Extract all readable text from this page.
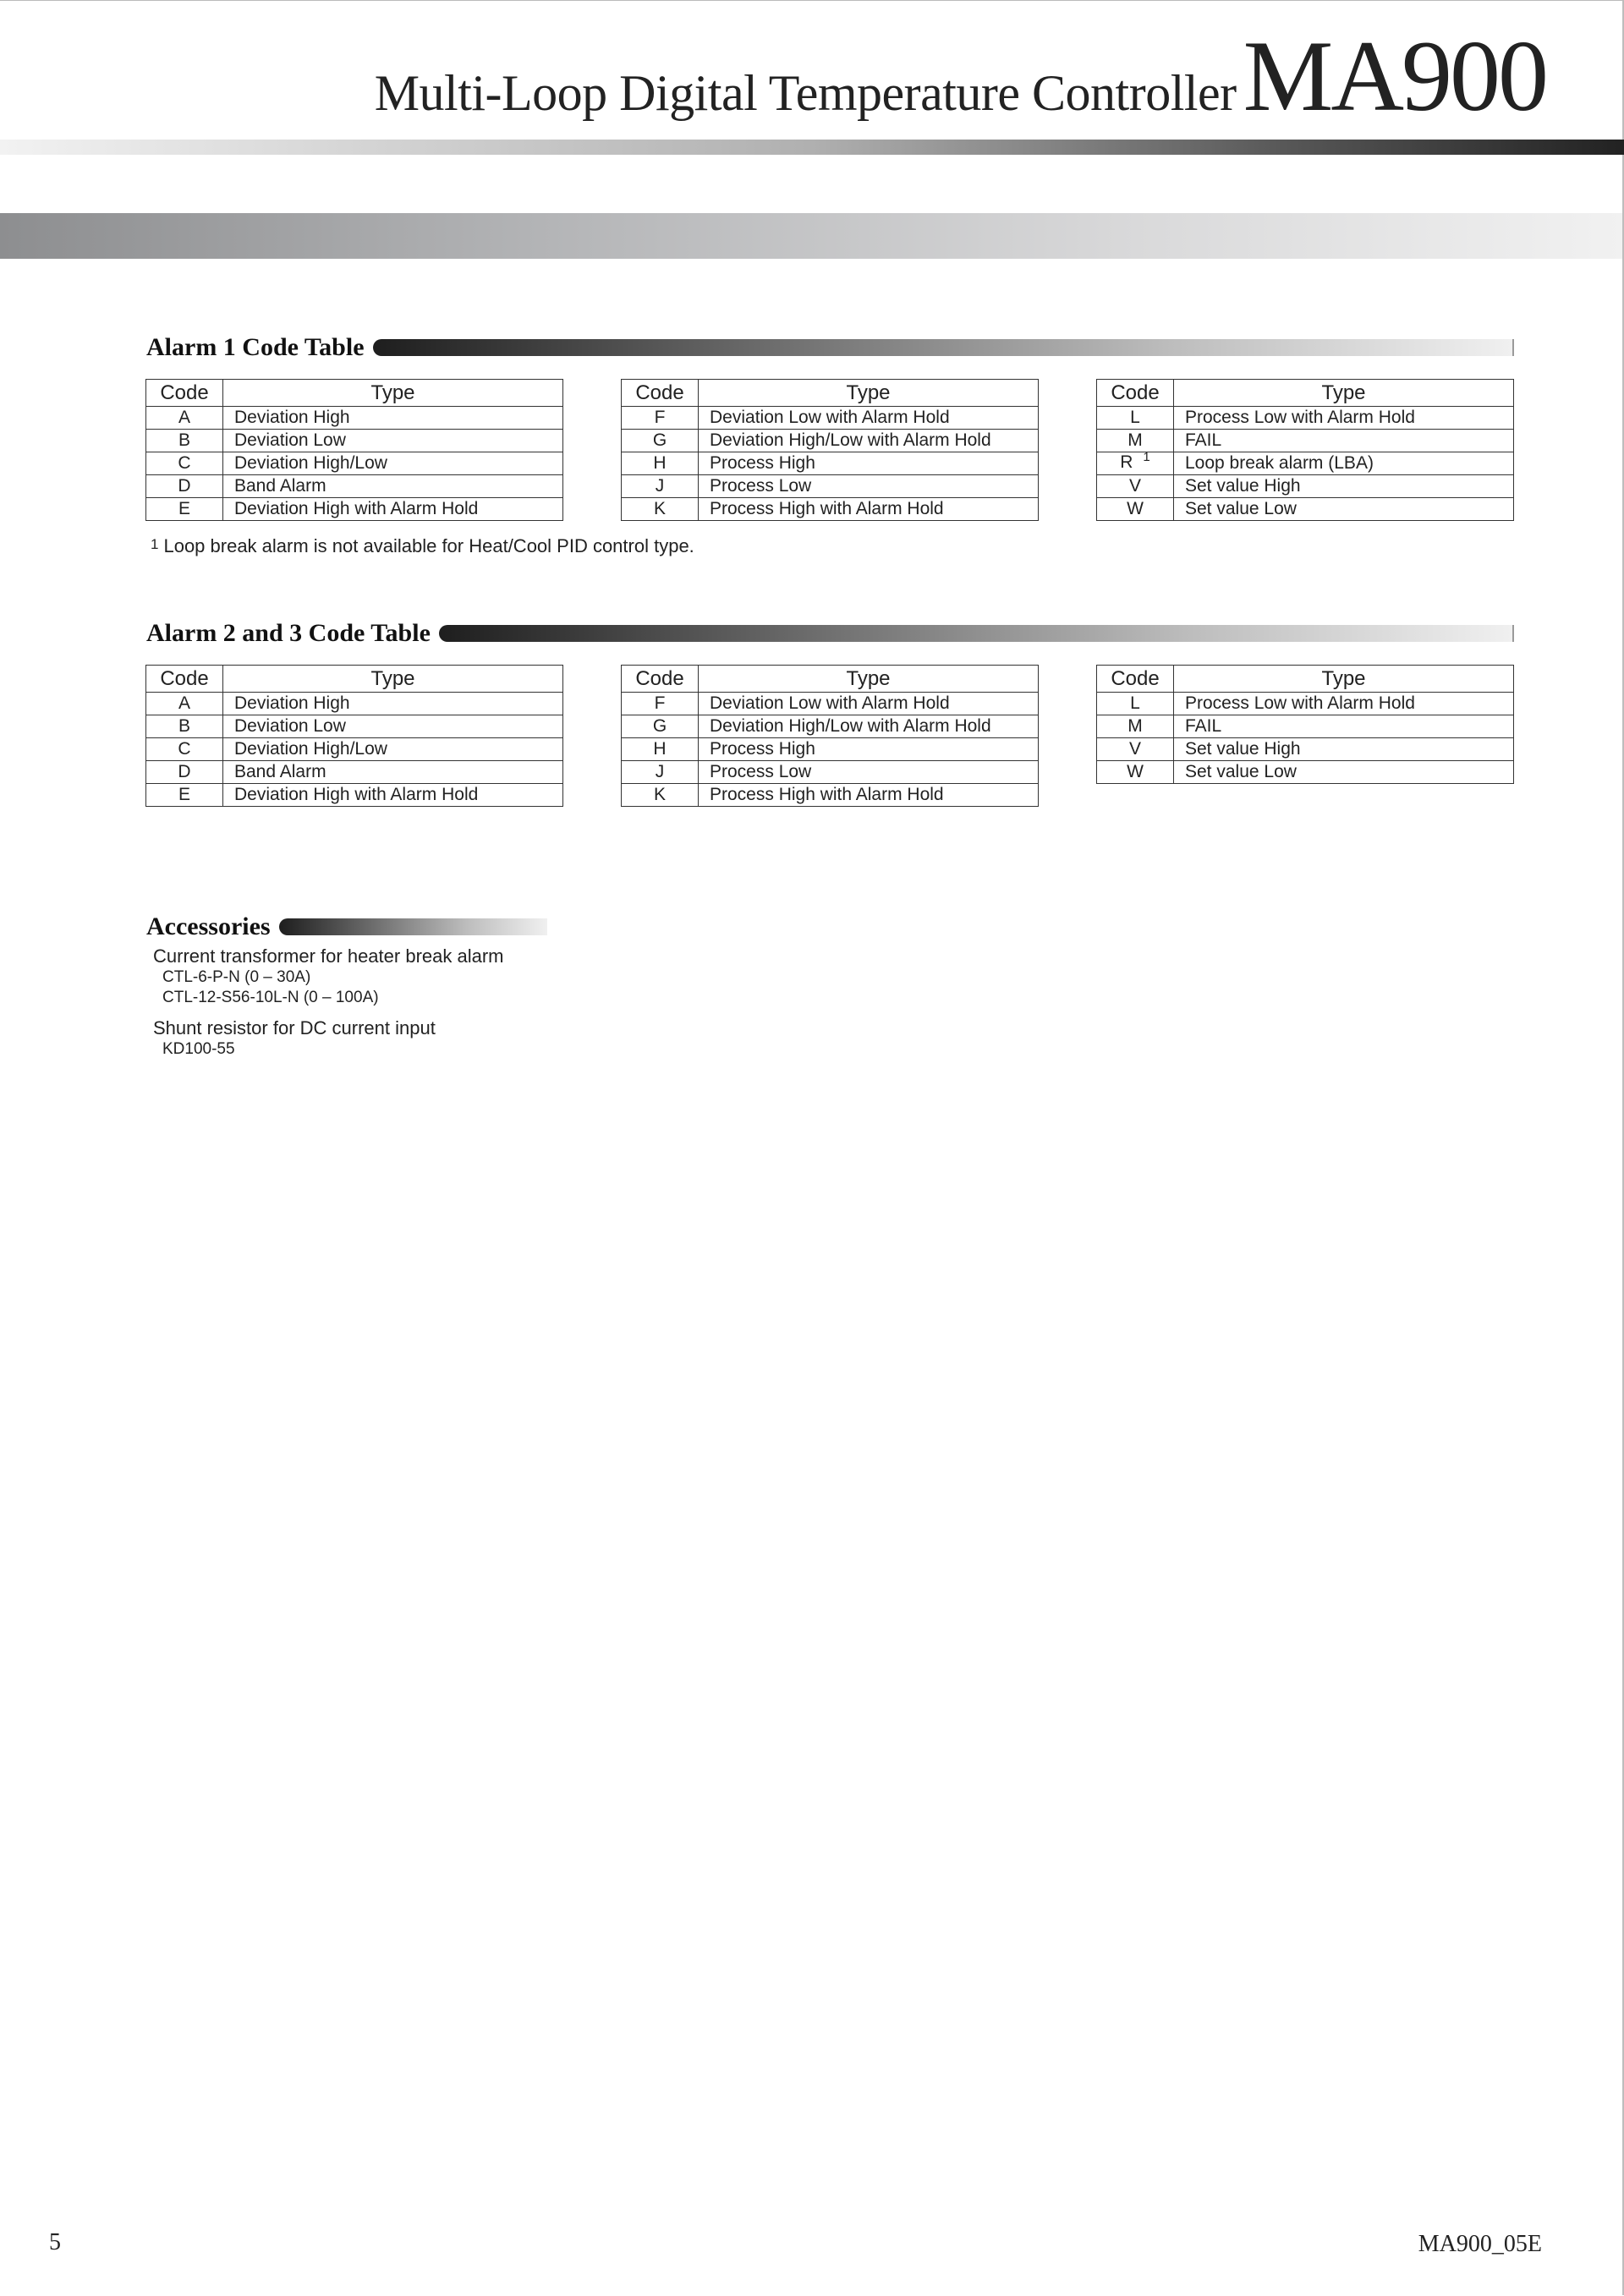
Multi-Loop Digital Temperature ControllerMA900
Alarm 1 Code Table
Code	Type
A	Deviation High
B	Deviation Low
C	Deviation High/Low
D	Band Alarm
E	Deviation High with Alarm Hold
Code	Type
F	Deviation Low with Alarm Hold
G	Deviation High/Low with Alarm Hold
H	Process High
J	Process Low
K	Process High with Alarm Hold
Code	Type
L	Process Low with Alarm Hold
M	FAIL
R $^1$	Loop break alarm (LBA)
V	Set value High
W	Set value Low
1 Loop break alarm is not available for Heat/Cool PID control type.
Alarm 2 and 3 Code Table
Code	Type
A	Deviation High
B	Deviation Low
C	Deviation High/Low
D	Band Alarm
E	Deviation High with Alarm Hold
Code	Type
F	Deviation Low with Alarm Hold
G	Deviation High/Low with Alarm Hold
H	Process High
J	Process Low
K	Process High with Alarm Hold
Code	Type
L	Process Low with Alarm Hold
M	FAIL
V	Set value High
W	Set value Low
Accessories
Current transformer for heater break alarm
CTL-6-P-N (0 – 30A)
CTL-12-S56-10L-N (0 – 100A)
Shunt resistor for DC current input
KD100-55
5	MA900_05E
